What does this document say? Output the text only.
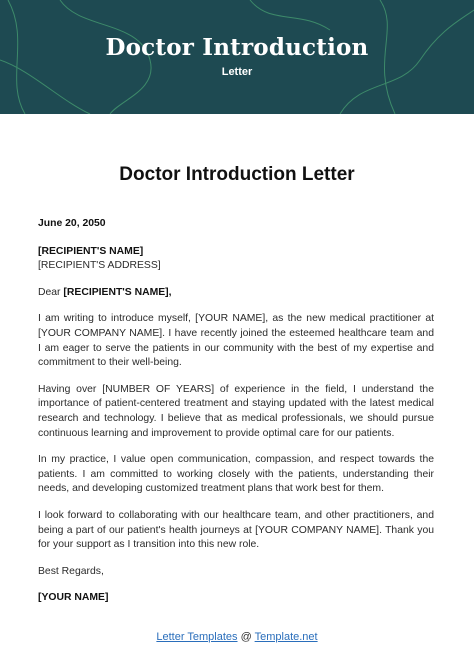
Doctor Introduction
Letter
Doctor Introduction Letter

June 20, 2050

[RECIPIENT'S NAME]

[RECIPIENT'S ADDRESS]

Dear [RECIPIENT'S NAME],

I am writing to introduce myself, [YOUR NAME], as the new medical practitioner at [YOUR COMPANY NAME]. I have recently joined the esteemed healthcare team and I am eager to serve the patients in our community with the best of my expertise and commitment to their well-being.

Having over [NUMBER OF YEARS] of experience in the field, I understand the importance of patient-centered treatment and staying updated with the latest medical research and technology. I believe that as medical professionals, we should pursue continuous learning and improvement to provide optimal care for our patients.

In my practice, I value open communication, compassion, and respect towards the patients. I am committed to working closely with the patients, understanding their needs, and developing customized treatment plans that work best for them.

I look forward to collaborating with our healthcare team, and other practitioners, and being a part of our patient's health journeys at [YOUR COMPANY NAME]. Thank you for your support as I transition into this new role.

Best Regards,

[YOUR NAME]

Letter Templates @ Template.net
